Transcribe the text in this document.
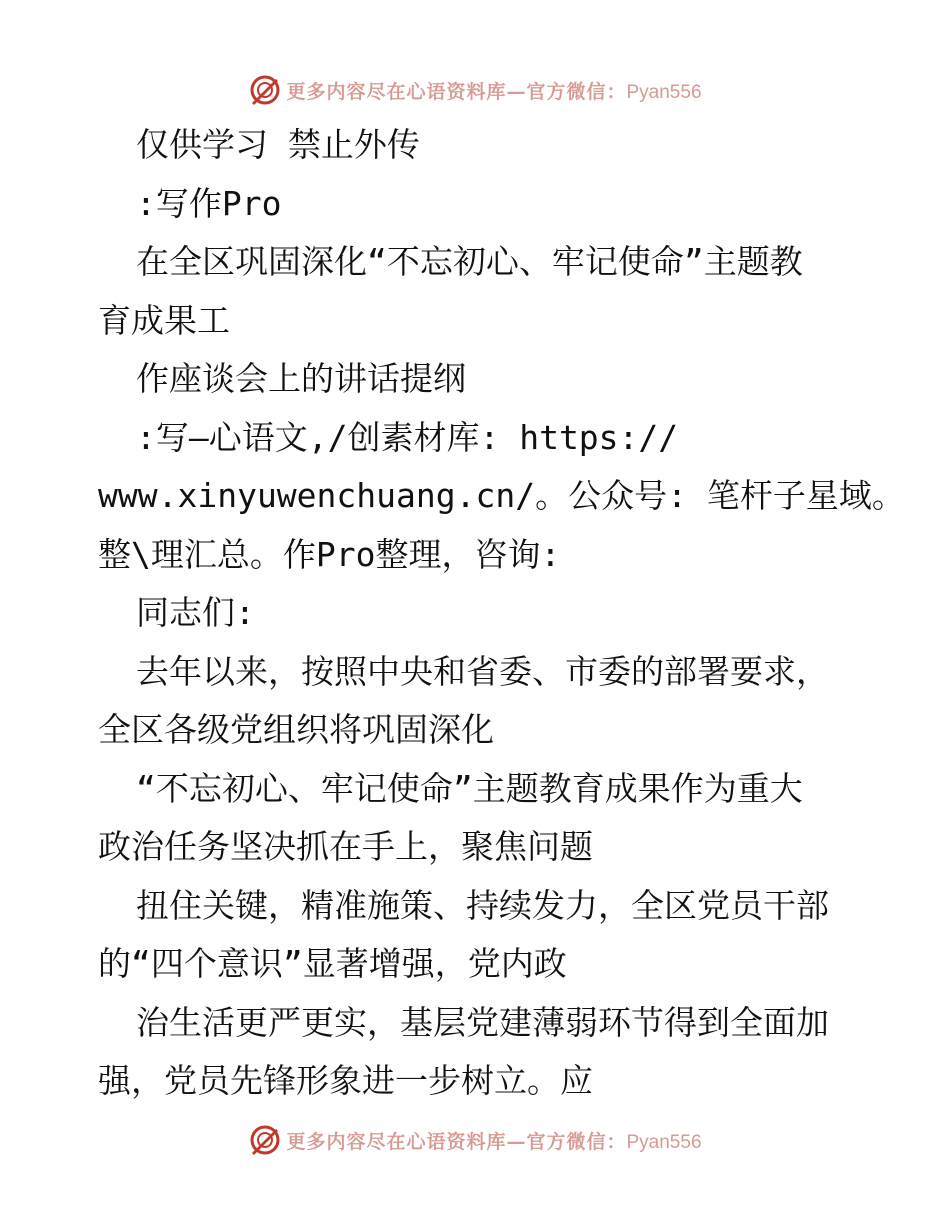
更多内容尽在心语资料库—官方微信：Pyan556
仅供学习 禁止外传
:写作Pro
在全区巩固深化“不忘初心、牢记使命”主题教
育成果工
作座谈会上的讲话提纲
:写—心语文,/创素材库: https://
www.xinyuwenchuang.cn/。公众号: 笔杆子星域。
整\理汇总。作Pro整理，咨询:
同志们:
去年以来，按照中央和省委、市委的部署要求，
全区各级党组织将巩固深化
“不忘初心、牢记使命”主题教育成果作为重大
政治任务坚决抓在手上，聚焦问题
扭住关键，精准施策、持续发力，全区党员干部
的“四个意识”显著增强，党内政
治生活更严更实，基层党建薄弱环节得到全面加
强，党员先锋形象进一步树立。应
更多内容尽在心语资料库—官方微信：Pyan556
